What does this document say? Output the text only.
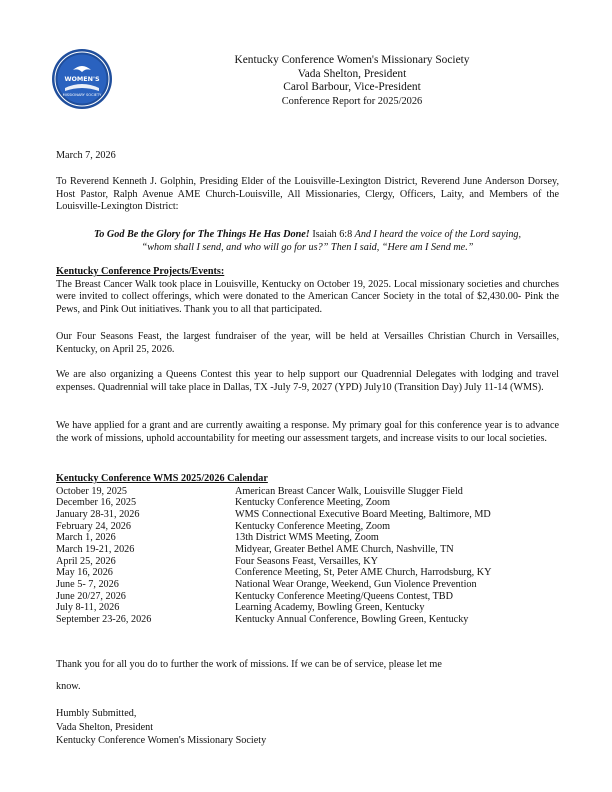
WOMEN'S
MISSIONARY SOCIETY
Kentucky Conference Women's Missionary Society
Vada Shelton, President
Carol Barbour, Vice-President
Conference Report for 2025/2026
March 7, 2026
To Reverend Kenneth J. Golphin, Presiding Elder of the Louisville-Lexington District, Reverend June Anderson Dorsey, Host Pastor, Ralph Avenue AME Church-Louisville, All Missionaries, Clergy, Officers, Laity, and Members of the Louisville-Lexington District:
To God Be the Glory for The Things He Has Done! Isaiah 6:8 And I heard the voice of the Lord saying,
“whom shall I send, and who will go for us?” Then I said, “Here am I Send me.”
Kentucky Conference Projects/Events:
The Breast Cancer Walk took place in Louisville, Kentucky on October 19, 2025. Local missionary societies and churches were invited to collect offerings, which were donated to the American Cancer Society in the total of $2,430.00- Pink the Pews, and Pink Out initiatives. Thank you to all that participated.
Our Four Seasons Feast, the largest fundraiser of the year, will be held at Versailles Christian Church in Versailles, Kentucky, on April 25, 2026.
We are also organizing a Queens Contest this year to help support our Quadrennial Delegates with lodging and travel expenses. Quadrennial will take place in Dallas, TX -July 7-9, 2027 (YPD) July10 (Transition Day) July 11-14 (WMS).
We have applied for a grant and are currently awaiting a response. My primary goal for this conference year is to advance the work of missions, uphold accountability for meeting our assessment targets, and increase visits to our local societies.
Kentucky Conference WMS 2025/2026 Calendar
October 19, 2025	American Breast Cancer Walk, Louisville Slugger Field
December 16, 2025	Kentucky Conference Meeting, Zoom
January 28-31, 2026	WMS Connectional Executive Board Meeting, Baltimore, MD
February 24, 2026	Kentucky Conference Meeting, Zoom
March 1, 2026	13th District WMS Meeting, Zoom
March 19-21, 2026	Midyear, Greater Bethel AME Church, Nashville, TN
April 25, 2026	Four Seasons Feast, Versailles, KY
May 16, 2026	Conference Meeting, St, Peter AME Church, Harrodsburg, KY
June 5- 7, 2026	National Wear Orange, Weekend, Gun Violence Prevention
June 20/27, 2026	Kentucky Conference Meeting/Queens Contest, TBD
July 8-11, 2026	Learning Academy, Bowling Green, Kentucky
September 23-26, 2026	Kentucky Annual Conference, Bowling Green, Kentucky
Thank you for all you do to further the work of missions. If we can be of service, please let me
know.
Humbly Submitted,
Vada Shelton, President
Kentucky Conference Women's Missionary Society
